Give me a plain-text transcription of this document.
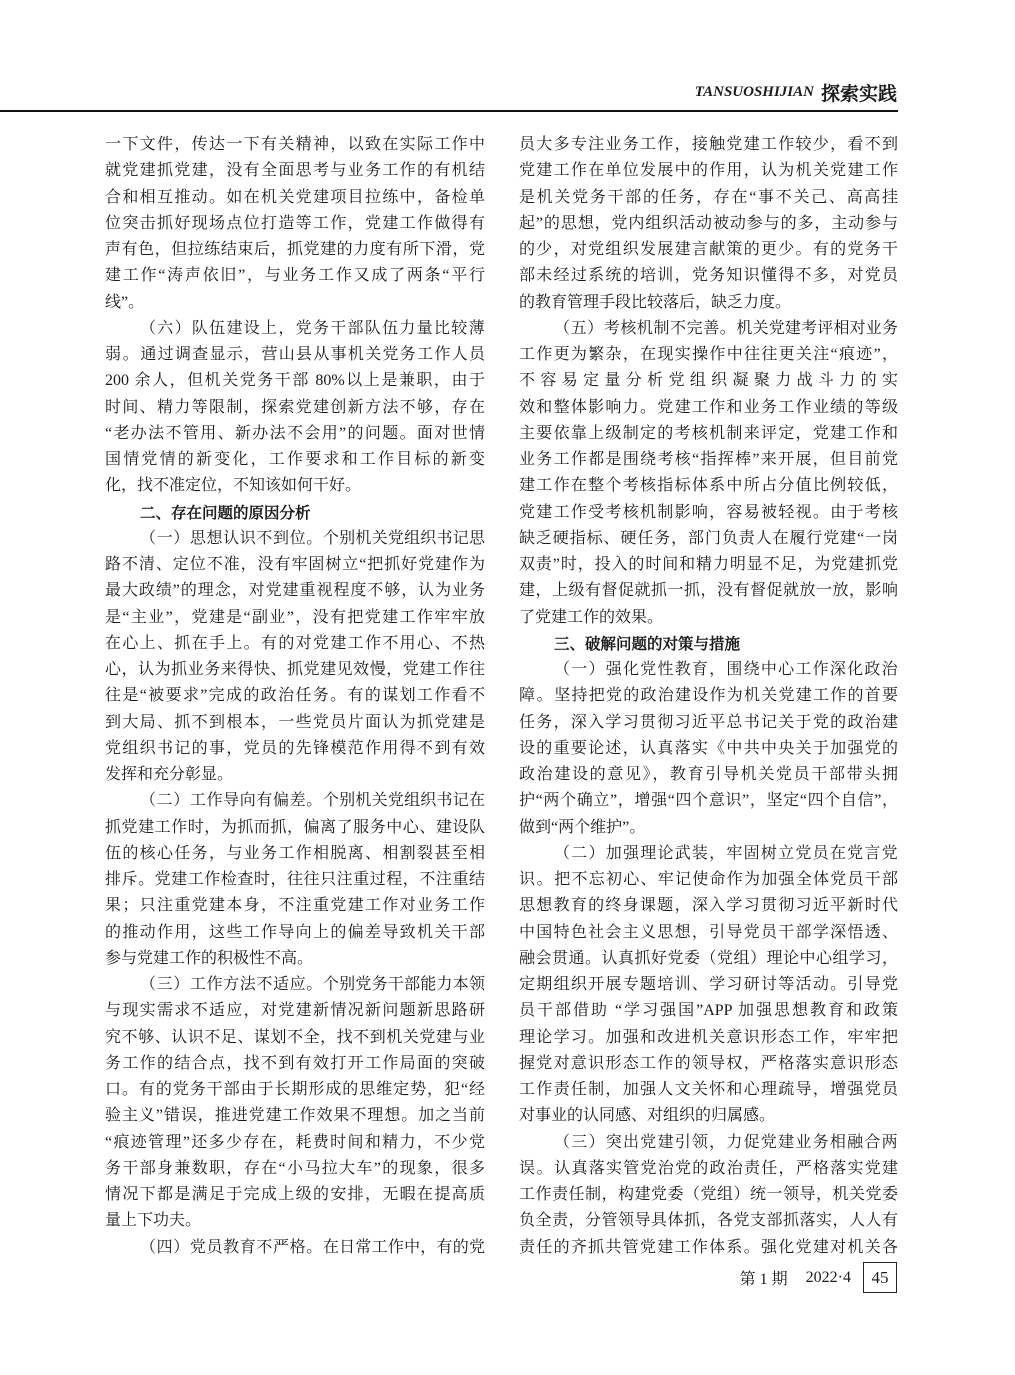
TANSUOSHIJIAN 探索实践
一下文件，传达一下有关精神，以致在实际工作中
就党建抓党建，没有全面思考与业务工作的有机结
合和相互推动。如在机关党建项目拉练中，备检单
位突击抓好现场点位打造等工作，党建工作做得有
声有色，但拉练结束后，抓党建的力度有所下滑，党
建工作“涛声依旧”，与业务工作又成了两条“平行
线”。
（六）队伍建设上，党务干部队伍力量比较薄
弱。通过调查显示，营山县从事机关党务工作人员
200 余人，但机关党务干部 80%以上是兼职，由于
时间、精力等限制，探索党建创新方法不够，存在
“老办法不管用、新办法不会用”的问题。面对世情
国情党情的新变化，工作要求和工作目标的新变
化，找不准定位，不知该如何干好。
二、存在问题的原因分析
（一）思想认识不到位。个别机关党组织书记思
路不清、定位不准，没有牢固树立“把抓好党建作为
最大政绩”的理念，对党建重视程度不够，认为业务
是“主业”，党建是“副业”，没有把党建工作牢牢放
在心上、抓在手上。有的对党建工作不用心、不热
心，认为抓业务来得快、抓党建见效慢，党建工作往
往是“被要求”完成的政治任务。有的谋划工作看不
到大局、抓不到根本，一些党员片面认为抓党建是
党组织书记的事，党员的先锋模范作用得不到有效
发挥和充分彰显。
（二）工作导向有偏差。个别机关党组织书记在
抓党建工作时，为抓而抓，偏离了服务中心、建设队
伍的核心任务，与业务工作相脱离、相割裂甚至相
排斥。党建工作检查时，往往只注重过程，不注重结
果；只注重党建本身，不注重党建工作对业务工作
的推动作用，这些工作导向上的偏差导致机关干部
参与党建工作的积极性不高。
（三）工作方法不适应。个别党务干部能力本领
与现实需求不适应，对党建新情况新问题新思路研
究不够、认识不足、谋划不全，找不到机关党建与业
务工作的结合点，找不到有效打开工作局面的突破
口。有的党务干部由于长期形成的思维定势，犯“经
验主义”错误，推进党建工作效果不理想。加之当前
“痕迹管理”还多少存在，耗费时间和精力，不少党
务干部身兼数职，存在“小马拉大车”的现象，很多
情况下都是满足于完成上级的安排，无暇在提高质
量上下功夫。
（四）党员教育不严格。在日常工作中，有的党
员大多专注业务工作，接触党建工作较少，看不到
党建工作在单位发展中的作用，认为机关党建工作
是机关党务干部的任务，存在“事不关己、高高挂
起”的思想，党内组织活动被动参与的多，主动参与
的少，对党组织发展建言献策的更少。有的党务干
部未经过系统的培训，党务知识懂得不多，对党员
的教育管理手段比较落后，缺乏力度。
（五）考核机制不完善。机关党建考评相对业务
工作更为繁杂，在现实操作中往往更关注“痕迹”，
不容易定量分析党组织凝聚力战斗力的实
效和整体影响力。党建工作和业务工作业绩的等级
主要依靠上级制定的考核机制来评定，党建工作和
业务工作都是围绕考核“指挥棒”来开展，但目前党
建工作在整个考核指标体系中所占分值比例较低，
党建工作受考核机制影响，容易被轻视。由于考核
缺乏硬指标、硬任务，部门负责人在履行党建“一岗
双责”时，投入的时间和精力明显不足，为党建抓党
建，上级有督促就抓一抓，没有督促就放一放，影响
了党建工作的效果。
三、破解问题的对策与措施
（一）强化党性教育，围绕中心工作深化政治
障。坚持把党的政治建设作为机关党建工作的首要
任务，深入学习贯彻习近平总书记关于党的政治建
设的重要论述，认真落实《中共中央关于加强党的
政治建设的意见》，教育引导机关党员干部带头拥
护“两个确立”，增强“四个意识”，坚定“四个自信”，
做到“两个维护”。
（二）加强理论武装，牢固树立党员在党言党
识。把不忘初心、牢记使命作为加强全体党员干部
思想教育的终身课题，深入学习贯彻习近平新时代
中国特色社会主义思想，引导党员干部学深悟透、
融会贯通。认真抓好党委（党组）理论中心组学习，
定期组织开展专题培训、学习研讨等活动。引导党
员干部借助 “学习强国”APP 加强思想教育和政策
理论学习。加强和改进机关意识形态工作，牢牢把
握党对意识形态工作的领导权，严格落实意识形态
工作责任制，加强人文关怀和心理疏导，增强党员
对事业的认同感、对组织的归属感。
（三）突出党建引领，力促党建业务相融合两
误。认真落实管党治党的政治责任，严格落实党建
工作责任制，构建党委（党组）统一领导，机关党委
负全责，分管领导具体抓，各党支部抓落实，人人有
责任的齐抓共管党建工作体系。强化党建对机关各
第 1 期 2022·4	45
